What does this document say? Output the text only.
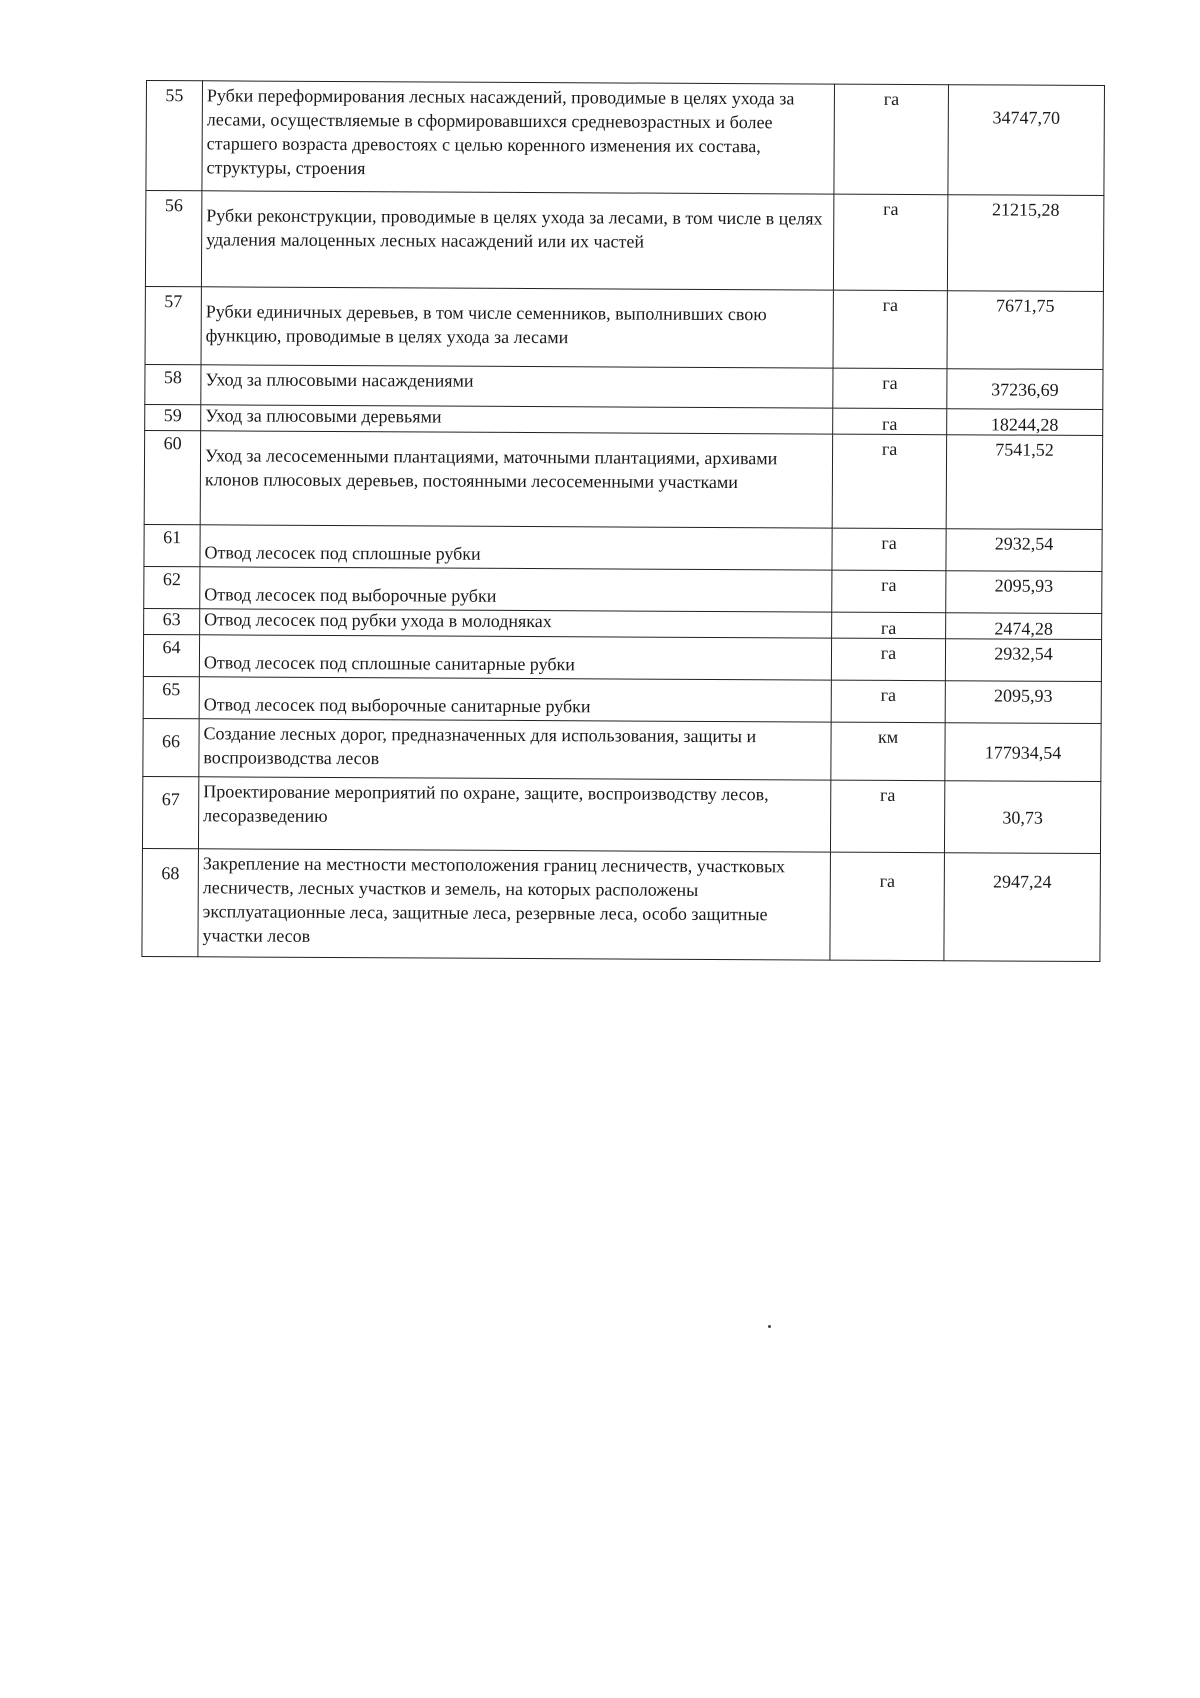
55	Рубки переформирования лесных насаждений, проводимые в целях ухода за лесами, осуществляемые в сформировавшихся средневозрастных и более старшего возраста древостоях с целью коренного изменения их состава, структуры, строения	га	34747,70
56	Рубки реконструкции, проводимые в целях ухода за лесами, в том числе в целях удаления малоценных лесных насаждений или их частей	га	21215,28
57	Рубки единичных деревьев, в том числе семенников, выполнивших свою функцию, проводимые в целях ухода за лесами	га	7671,75
58	Уход за плюсовыми насаждениями	га	37236,69
59	Уход за плюсовыми деревьями	га	18244,28
60	Уход за лесосеменными плантациями, маточными плантациями, архивами клонов плюсовых деревьев, постоянными лесосеменными участками	га	7541,52
61	Отвод лесосек под сплошные рубки	га	2932,54
62	Отвод лесосек под выборочные рубки	га	2095,93
63	Отвод лесосек под рубки ухода в молодняках	га	2474,28
64	Отвод лесосек под сплошные санитарные рубки	га	2932,54
65	Отвод лесосек под выборочные санитарные рубки	га	2095,93
66	Создание лесных дорог, предназначенных для использования, защиты и воспроизводства лесов	км	177934,54
67	Проектирование мероприятий по охране, защите, воспроизводству лесов, лесоразведению	га	30,73
68	Закрепление на местности местоположения границ лесничеств, участковых лесничеств, лесных участков и земель, на которых расположены эксплуатационные леса, защитные леса, резервные леса, особо защитные участки лесов	га	2947,24
